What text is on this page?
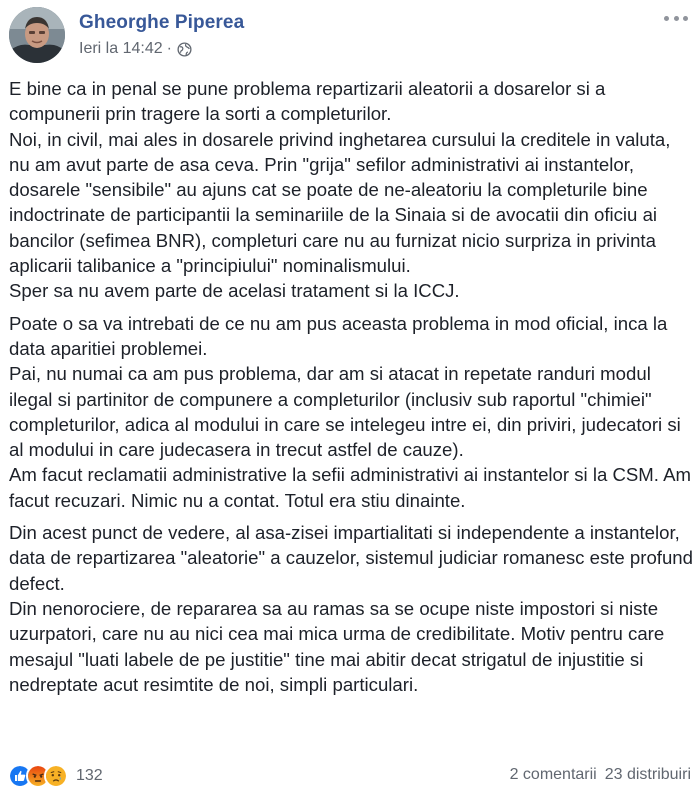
Gheorghe Piperea
Ieri la 14:42 ·

E bine ca in penal se pune problema repartizarii aleatorii a dosarelor si a compunerii prin tragere la sorti a completurilor.
Noi, in civil, mai ales in dosarele privind inghetarea cursului la creditele in valuta, nu am avut parte de asa ceva. Prin "grija" sefilor administrativi ai instantelor, dosarele "sensibile" au ajuns cat se poate de ne-aleatoriu la completurile bine indoctrinate de participantii la seminariile de la Sinaia si de avocatii din oficiu ai bancilor (sefimea BNR), completuri care nu au furnizat nicio surpriza in privinta aplicarii talibanice a "principiului" nominalismului.
Sper sa nu avem parte de acelasi tratament si la ICCJ.

Poate o sa va intrebati de ce nu am pus aceasta problema in mod oficial, inca la data aparitiei problemei.
Pai, nu numai ca am pus problema, dar am si atacat in repetate randuri modul ilegal si partinitor de compunere a completurilor (inclusiv sub raportul "chimiei" completurilor, adica al modului in care se intelegeu intre ei, din priviri, judecatori si al modului in care judecasera in trecut astfel de cauze).
Am facut reclamatii administrative la sefii administrativi ai instantelor si la CSM. Am facut recuzari. Nimic nu a contat. Totul era stiu dinainte.

Din acest punct de vedere, al asa-zisei impartialitati si independente a instantelor, data de repartizarea "aleatorie" a cauzelor, sistemul judiciar romanesc este profund defect.
Din nenorociere, de repararea sa au ramas sa se ocupe niste impostori si niste uzurpatori, care nu au nici cea mai mica urma de credibilitate. Motiv pentru care mesajul "luati labele de pe justitie" tine mai abitir decat strigatul de injustitie si nedreptate acut resimtite de noi, simpli particulari.

132	2 comentarii 23 distribuiri
